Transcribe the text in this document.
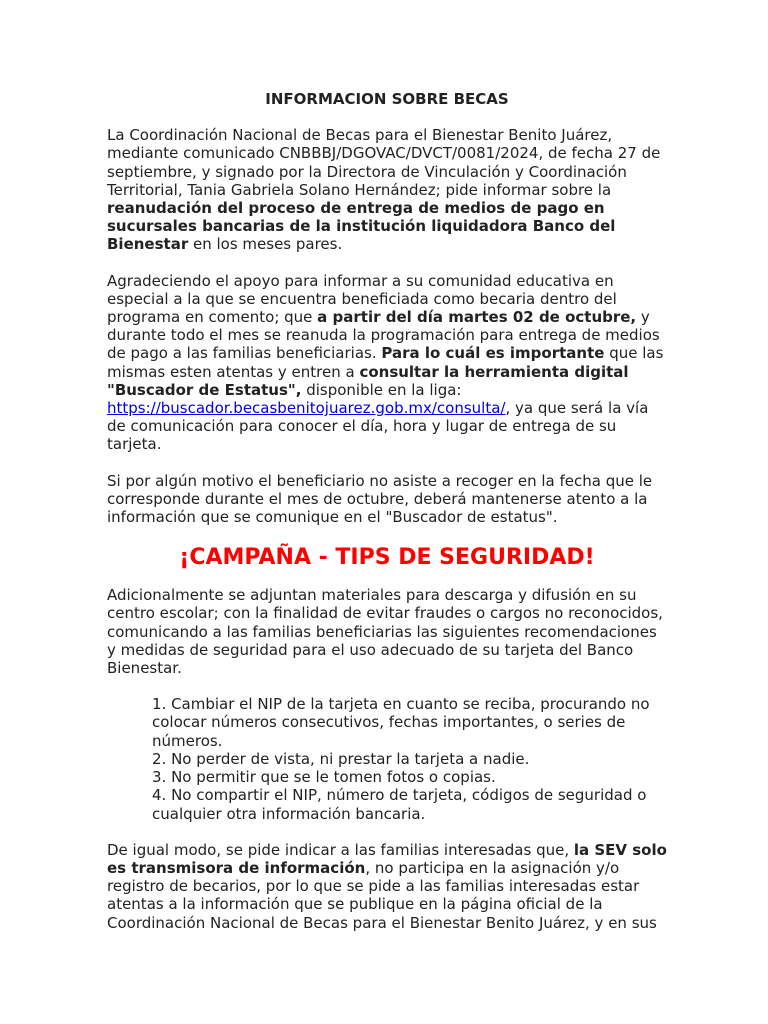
INFORMACION SOBRE BECAS

La Coordinación Nacional de Becas para el Bienestar Benito Juárez, mediante comunicado CNBBBJ/DGOVAC/DVCT/0081/2024, de fecha 27 de septiembre, y signado por la Directora de Vinculación y Coordinación Territorial, Tania Gabriela Solano Hernández; pide informar sobre la reanudación del proceso de entrega de medios de pago en sucursales bancarias de la institución liquidadora Banco del Bienestar en los meses pares.

Agradeciendo el apoyo para informar a su comunidad educativa en especial a la que se encuentra beneficiada como becaria dentro del programa en comento; que a partir del día martes 02 de octubre, y durante todo el mes se reanuda la programación para entrega de medios de pago a las familias beneficiarias. Para lo cuál es importante que las mismas esten atentas y entren a consultar la herramienta digital "Buscador de Estatus", disponible en la liga: https://buscador.becasbenitojuarez.gob.mx/consulta/, ya que será la vía de comunicación para conocer el día, hora y lugar de entrega de su tarjeta.

Si por algún motivo el beneficiario no asiste a recoger en la fecha que le corresponde durante el mes de octubre, deberá mantenerse atento a la información que se comunique en el "Buscador de estatus".

¡CAMPAÑA - TIPS DE SEGURIDAD!

Adicionalmente se adjuntan materiales para descarga y difusión en su centro escolar; con la finalidad de evitar fraudes o cargos no reconocidos, comunicando a las familias beneficiarias las siguientes recomendaciones y medidas de seguridad para el uso adecuado de su tarjeta del Banco Bienestar.

1. Cambiar el NIP de la tarjeta en cuanto se reciba, procurando no colocar números consecutivos, fechas importantes, o series de números.
2. No perder de vista, ni prestar la tarjeta a nadie.
3. No permitir que se le tomen fotos o copias.
4. No compartir el NIP, número de tarjeta, códigos de seguridad o cualquier otra información bancaria.

De igual modo, se pide indicar a las familias interesadas que, la SEV solo es transmisora de información, no participa en la asignación y/o registro de becarios, por lo que se pide a las familias interesadas estar atentas a la información que se publique en la página oficial de la Coordinación Nacional de Becas para el Bienestar Benito Juárez, y en sus
